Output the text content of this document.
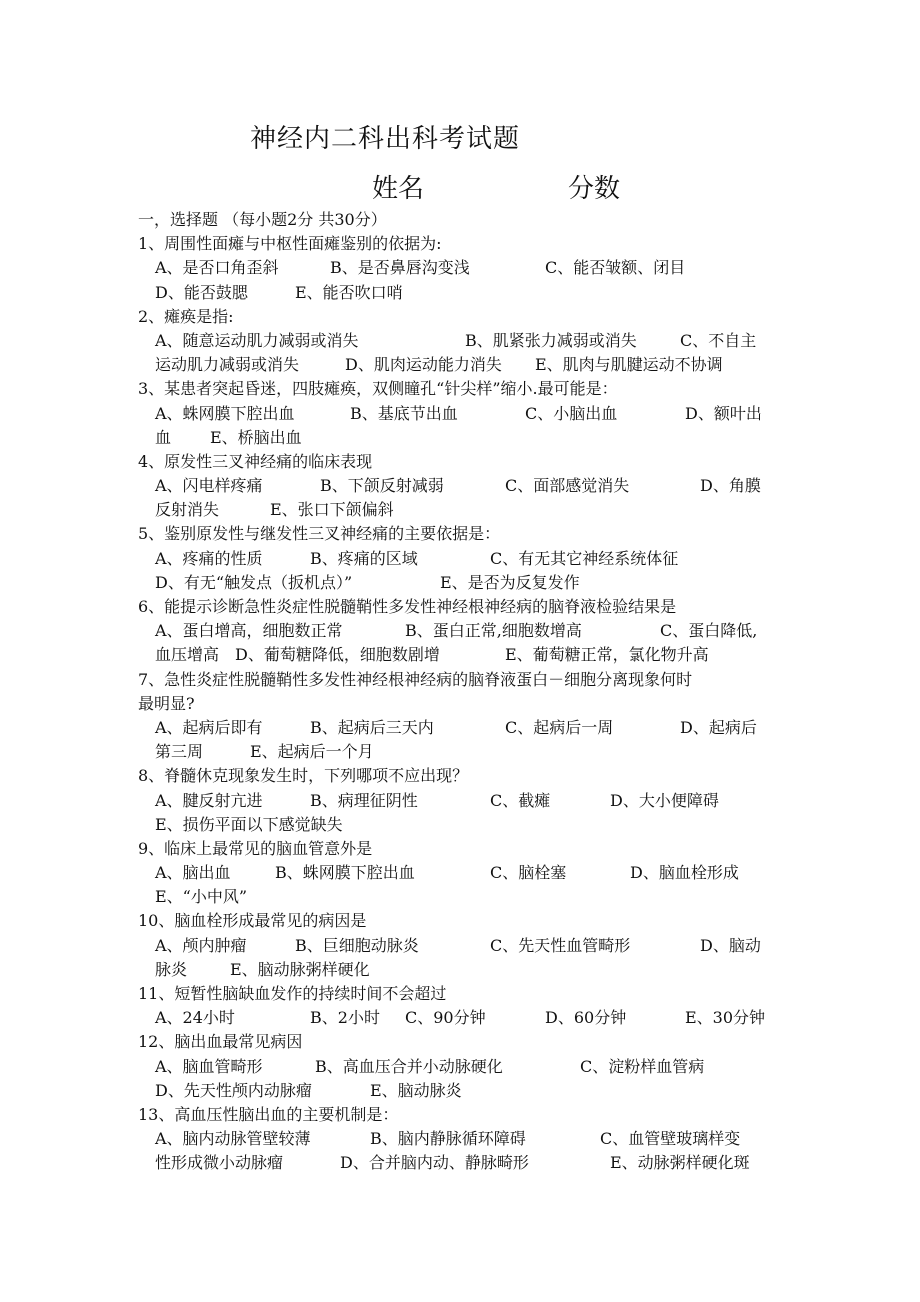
神经内二科出科考试题
姓名	分数
一，选择题 （每小题2分 共30分）
1、周围性面瘫与中枢性面瘫鉴别的依据为:
A、是否口角歪斜	B、是否鼻唇沟变浅	C、能否皱额、闭目
D、能否鼓腮	E、能否吹口哨
2、瘫痪是指:
A、随意运动肌力减弱或消失	B、肌紧张力减弱或消失	C、不自主
运动肌力减弱或消失	D、肌肉运动能力消失 E、肌肉与肌腱运动不协调
3、某患者突起昏迷，四肢瘫痪，双侧瞳孔“针尖样”缩小.最可能是：
A、蛛网膜下腔出血	B、基底节出血	C、小脑出血	D、额叶出
血 E、桥脑出血
4、原发性三叉神经痛的临床表现
A、闪电样疼痛	B、下颌反射减弱	C、面部感觉消失	D、角膜
反射消失	E、张口下颌偏斜
5、鉴别原发性与继发性三叉神经痛的主要依据是：
A、疼痛的性质	B、疼痛的区域	C、有无其它神经系统体征
D、有无“触发点（扳机点）”	E、是否为反复发作
6、能提示诊断急性炎症性脱髓鞘性多发性神经根神经病的脑脊液检验结果是
A、蛋白增高，细胞数正常	B、蛋白正常,细胞数增高	C、蛋白降低,
血压增高 D、葡萄糖降低，细胞数剧增	E、葡萄糖正常，氯化物升高
7、急性炎症性脱髓鞘性多发性神经根神经病的脑脊液蛋白－细胞分离现象何时
最明显?
A、起病后即有	B、起病后三天内	C、起病后一周	D、起病后
第三周	E、起病后一个月
8、脊髓休克现象发生时，下列哪项不应出现？
A、腱反射亢进	B、病理征阴性	C、截瘫	D、大小便障碍
E、损伤平面以下感觉缺失
9、临床上最常见的脑血管意外是
A、脑出血	B、蛛网膜下腔出血	C、脑栓塞	D、脑血栓形成
E、“小中风”
10、脑血栓形成最常见的病因是
A、颅内肿瘤	B、巨细胞动脉炎	C、先天性血管畸形	D、脑动
脉炎	E、脑动脉粥样硬化
11、短暂性脑缺血发作的持续时间不会超过
A、24小时	B、2小时 C、90分钟	D、60分钟	E、30分钟
12、脑出血最常见病因
A、脑血管畸形	B、高血压合并小动脉硬化	C、淀粉样血管病
D、先天性颅内动脉瘤	E、脑动脉炎
13、高血压性脑出血的主要机制是：
A、脑内动脉管壁较薄	B、脑内静脉循环障碍	C、血管壁玻璃样变
性形成微小动脉瘤	D、合并脑内动、静脉畸形	E、动脉粥样硬化斑
